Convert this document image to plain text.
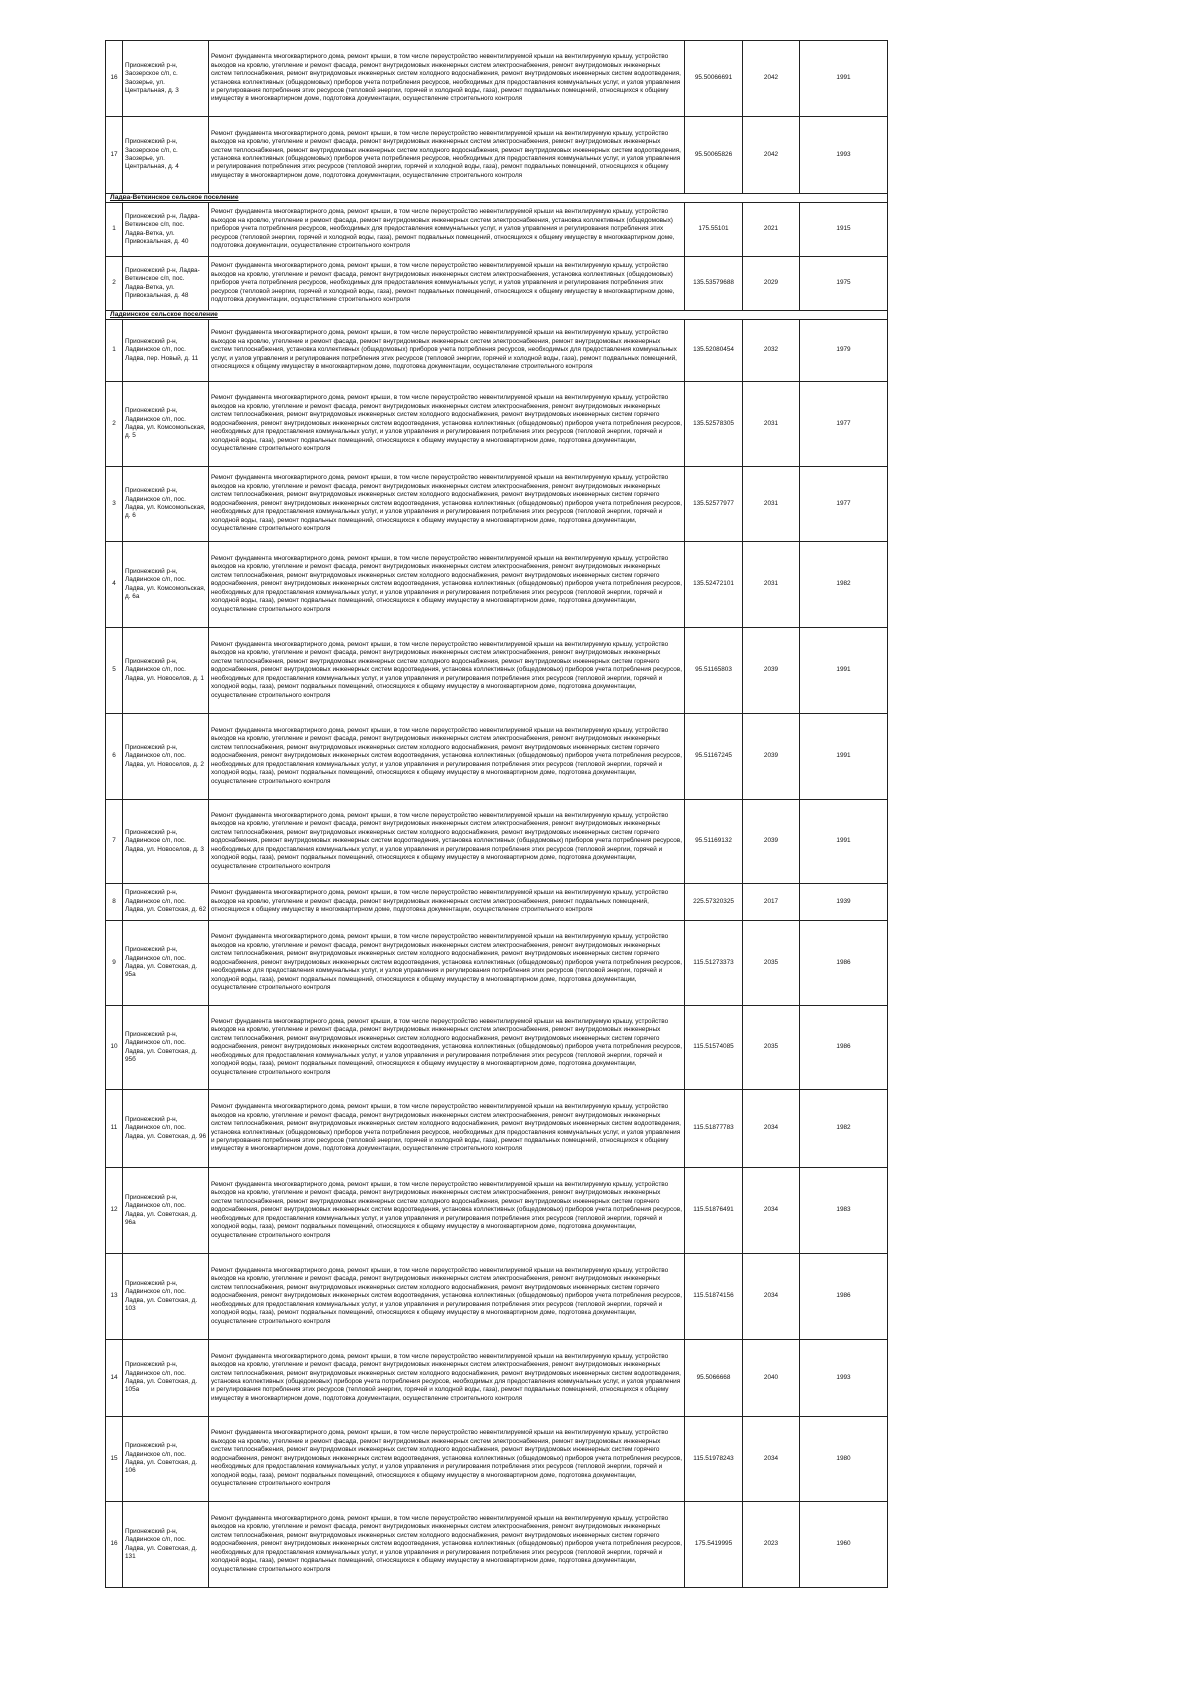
16	Прионежский р-н, Заозерское с/п, с. Заозерье, ул. Центральная, д. 3	Ремонт фундамента многоквартирного дома, ремонт крыши, в том числе переустройство невентилируемой крыши на вентилируемую крышу, устройство выходов на кровлю, утепление и ремонт фасада, ремонт внутридомовых инженерных систем электроснабжения, ремонт внутридомовых инженерных систем теплоснабжения, ремонт внутридомовых инженерных систем холодного водоснабжения, ремонт внутридомовых инженерных систем водоотведения, установка коллективных (общедомовых) приборов учета потребления ресурсов, необходимых для предоставления коммунальных услуг, и узлов управления и регулирования потребления этих ресурсов (тепловой энергии, горячей и холодной воды, газа), ремонт подвальных помещений, относящихся к общему имуществу в многоквартирном доме, подготовка документации, осуществление строительного контроля	95.50066691	2042	1991
17	Прионежский р-н, Заозерское с/п, с. Заозерье, ул. Центральная, д. 4	Ремонт фундамента многоквартирного дома, ремонт крыши, в том числе переустройство невентилируемой крыши на вентилируемую крышу, устройство выходов на кровлю, утепление и ремонт фасада, ремонт внутридомовых инженерных систем электроснабжения, ремонт внутридомовых инженерных систем теплоснабжения, ремонт внутридомовых инженерных систем холодного водоснабжения, ремонт внутридомовых инженерных систем водоотведения, установка коллективных (общедомовых) приборов учета потребления ресурсов, необходимых для предоставления коммунальных услуг, и узлов управления и регулирования потребления этих ресурсов (тепловой энергии, горячей и холодной воды, газа), ремонт подвальных помещений, относящихся к общему имуществу в многоквартирном доме, подготовка документации, осуществление строительного контроля	95.50065826	2042	1993
Ладва-Веткинское сельское поселение					
1	Прионежский р-н, Ладва-Веткинское с/п, пос. Ладва-Ветка, ул. Привокзальная, д. 40	Ремонт фундамента многоквартирного дома, ремонт крыши, в том числе переустройство невентилируемой крыши на вентилируемую крышу, устройство выходов на кровлю, утепление и ремонт фасада, ремонт внутридомовых инженерных систем электроснабжения, установка коллективных (общедомовых) приборов учета потребления ресурсов, необходимых для предоставления коммунальных услуг, и узлов управления и регулирования потребления этих ресурсов (тепловой энергии, горячей и холодной воды, газа), ремонт подвальных помещений, относящихся к общему имуществу в многоквартирном доме, подготовка документации, осуществление строительного контроля	175.55101	2021	1915
2	Прионежский р-н, Ладва-Веткинское с/п, пос. Ладва-Ветка, ул. Привокзальная, д. 48	Ремонт фундамента многоквартирного дома, ремонт крыши, в том числе переустройство невентилируемой крыши на вентилируемую крышу, устройство выходов на кровлю, утепление и ремонт фасада, ремонт внутридомовых инженерных систем электроснабжения, установка коллективных (общедомовых) приборов учета потребления ресурсов, необходимых для предоставления коммунальных услуг, и узлов управления и регулирования потребления этих ресурсов (тепловой энергии, горячей и холодной воды, газа), ремонт подвальных помещений, относящихся к общему имуществу в многоквартирном доме, подготовка документации, осуществление строительного контроля	135.53579688	2029	1975
Ладвинское сельское поселение					
1	Прионежский р-н, Ладвинское с/п, пос. Ладва, пер. Новый, д. 11	Ремонт фундамента многоквартирного дома, ремонт крыши, в том числе переустройство невентилируемой крыши на вентилируемую крышу, устройство выходов на кровлю, утепление и ремонт фасада, ремонт внутридомовых инженерных систем электроснабжения, ремонт внутридомовых инженерных систем теплоснабжения, установка коллективных (общедомовых) приборов учета потребления ресурсов, необходимых для предоставления коммунальных услуг, и узлов управления и регулирования потребления этих ресурсов (тепловой энергии, горячей и холодной воды, газа), ремонт подвальных помещений, относящихся к общему имуществу в многоквартирном доме, подготовка документации, осуществление строительного контроля	135.52080454	2032	1979
2	Прионежский р-н, Ладвинское с/п, пос. Ладва, ул. Комсомольская, д. 5	Ремонт фундамента многоквартирного дома, ремонт крыши, в том числе переустройство невентилируемой крыши на вентилируемую крышу, устройство выходов на кровлю, утепление и ремонт фасада, ремонт внутридомовых инженерных систем электроснабжения, ремонт внутридомовых инженерных систем теплоснабжения, ремонт внутридомовых инженерных систем холодного водоснабжения, ремонт внутридомовых инженерных систем горячего водоснабжения, ремонт внутридомовых инженерных систем водоотведения, установка коллективных (общедомовых) приборов учета потребления ресурсов, необходимых для предоставления коммунальных услуг, и узлов управления и регулирования потребления этих ресурсов (тепловой энергии, горячей и холодной воды, газа), ремонт подвальных помещений, относящихся к общему имуществу в многоквартирном доме, подготовка документации, осуществление строительного контроля	135.52578305	2031	1977
3	Прионежский р-н, Ладвинское с/п, пос. Ладва, ул. Комсомольская, д. 6	Ремонт фундамента многоквартирного дома, ремонт крыши, в том числе переустройство невентилируемой крыши на вентилируемую крышу, устройство выходов на кровлю, утепление и ремонт фасада, ремонт внутридомовых инженерных систем электроснабжения, ремонт внутридомовых инженерных систем теплоснабжения, ремонт внутридомовых инженерных систем холодного водоснабжения, ремонт внутридомовых инженерных систем горячего водоснабжения, ремонт внутридомовых инженерных систем водоотведения, установка коллективных (общедомовых) приборов учета потребления ресурсов, необходимых для предоставления коммунальных услуг, и узлов управления и регулирования потребления этих ресурсов (тепловой энергии, горячей и холодной воды, газа), ремонт подвальных помещений, относящихся к общему имуществу в многоквартирном доме, подготовка документации, осуществление строительного контроля	135.52577977	2031	1977
4	Прионежский р-н, Ладвинское с/п, пос. Ладва, ул. Комсомольская, д. 6а	Ремонт фундамента многоквартирного дома, ремонт крыши, в том числе переустройство невентилируемой крыши на вентилируемую крышу, устройство выходов на кровлю, утепление и ремонт фасада, ремонт внутридомовых инженерных систем электроснабжения, ремонт внутридомовых инженерных систем теплоснабжения, ремонт внутридомовых инженерных систем холодного водоснабжения, ремонт внутридомовых инженерных систем горячего водоснабжения, ремонт внутридомовых инженерных систем водоотведения, установка коллективных (общедомовых) приборов учета потребления ресурсов, необходимых для предоставления коммунальных услуг, и узлов управления и регулирования потребления этих ресурсов (тепловой энергии, горячей и холодной воды, газа), ремонт подвальных помещений, относящихся к общему имуществу в многоквартирном доме, подготовка документации, осуществление строительного контроля	135.52472101	2031	1982
5	Прионежский р-н, Ладвинское с/п, пос. Ладва, ул. Новоселов, д. 1	Ремонт фундамента многоквартирного дома, ремонт крыши, в том числе переустройство невентилируемой крыши на вентилируемую крышу, устройство выходов на кровлю, утепление и ремонт фасада, ремонт внутридомовых инженерных систем электроснабжения, ремонт внутридомовых инженерных систем теплоснабжения, ремонт внутридомовых инженерных систем холодного водоснабжения, ремонт внутридомовых инженерных систем горячего водоснабжения, ремонт внутридомовых инженерных систем водоотведения, установка коллективных (общедомовых) приборов учета потребления ресурсов, необходимых для предоставления коммунальных услуг, и узлов управления и регулирования потребления этих ресурсов (тепловой энергии, горячей и холодной воды, газа), ремонт подвальных помещений, относящихся к общему имуществу в многоквартирном доме, подготовка документации, осуществление строительного контроля	95.51165803	2039	1991
6	Прионежский р-н, Ладвинское с/п, пос. Ладва, ул. Новоселов, д. 2	Ремонт фундамента многоквартирного дома, ремонт крыши, в том числе переустройство невентилируемой крыши на вентилируемую крышу, устройство выходов на кровлю, утепление и ремонт фасада, ремонт внутридомовых инженерных систем электроснабжения, ремонт внутридомовых инженерных систем теплоснабжения, ремонт внутридомовых инженерных систем холодного водоснабжения, ремонт внутридомовых инженерных систем горячего водоснабжения, ремонт внутридомовых инженерных систем водоотведения, установка коллективных (общедомовых) приборов учета потребления ресурсов, необходимых для предоставления коммунальных услуг, и узлов управления и регулирования потребления этих ресурсов (тепловой энергии, горячей и холодной воды, газа), ремонт подвальных помещений, относящихся к общему имуществу в многоквартирном доме, подготовка документации, осуществление строительного контроля	95.51167245	2039	1991
7	Прионежский р-н, Ладвинское с/п, пос. Ладва, ул. Новоселов, д. 3	Ремонт фундамента многоквартирного дома, ремонт крыши, в том числе переустройство невентилируемой крыши на вентилируемую крышу, устройство выходов на кровлю, утепление и ремонт фасада, ремонт внутридомовых инженерных систем электроснабжения, ремонт внутридомовых инженерных систем теплоснабжения, ремонт внутридомовых инженерных систем холодного водоснабжения, ремонт внутридомовых инженерных систем горячего водоснабжения, ремонт внутридомовых инженерных систем водоотведения, установка коллективных (общедомовых) приборов учета потребления ресурсов, необходимых для предоставления коммунальных услуг, и узлов управления и регулирования потребления этих ресурсов (тепловой энергии, горячей и холодной воды, газа), ремонт подвальных помещений, относящихся к общему имуществу в многоквартирном доме, подготовка документации, осуществление строительного контроля	95.51169132	2039	1991
8	Прионежский р-н, Ладвинское с/п, пос. Ладва, ул. Советская, д. 62	Ремонт фундамента многоквартирного дома, ремонт крыши, в том числе переустройство невентилируемой крыши на вентилируемую крышу, устройство выходов на кровлю, утепление и ремонт фасада, ремонт внутридомовых инженерных систем электроснабжения, ремонт подвальных помещений, относящихся к общему имуществу в многоквартирном доме, подготовка документации, осуществление строительного контроля	225.57320325	2017	1939
9	Прионежский р-н, Ладвинское с/п, пос. Ладва, ул. Советская, д. 95а	Ремонт фундамента многоквартирного дома, ремонт крыши, в том числе переустройство невентилируемой крыши на вентилируемую крышу, устройство выходов на кровлю, утепление и ремонт фасада, ремонт внутридомовых инженерных систем электроснабжения, ремонт внутридомовых инженерных систем теплоснабжения, ремонт внутридомовых инженерных систем холодного водоснабжения, ремонт внутридомовых инженерных систем горячего водоснабжения, ремонт внутридомовых инженерных систем водоотведения, установка коллективных (общедомовых) приборов учета потребления ресурсов, необходимых для предоставления коммунальных услуг, и узлов управления и регулирования потребления этих ресурсов (тепловой энергии, горячей и холодной воды, газа), ремонт подвальных помещений, относящихся к общему имуществу в многоквартирном доме, подготовка документации, осуществление строительного контроля	115.51273373	2035	1986
10	Прионежский р-н, Ладвинское с/п, пос. Ладва, ул. Советская, д. 95б	Ремонт фундамента многоквартирного дома, ремонт крыши, в том числе переустройство невентилируемой крыши на вентилируемую крышу, устройство выходов на кровлю, утепление и ремонт фасада, ремонт внутридомовых инженерных систем электроснабжения, ремонт внутридомовых инженерных систем теплоснабжения, ремонт внутридомовых инженерных систем холодного водоснабжения, ремонт внутридомовых инженерных систем горячего водоснабжения, ремонт внутридомовых инженерных систем водоотведения, установка коллективных (общедомовых) приборов учета потребления ресурсов, необходимых для предоставления коммунальных услуг, и узлов управления и регулирования потребления этих ресурсов (тепловой энергии, горячей и холодной воды, газа), ремонт подвальных помещений, относящихся к общему имуществу в многоквартирном доме, подготовка документации, осуществление строительного контроля	115.51574085	2035	1986
11	Прионежский р-н, Ладвинское с/п, пос. Ладва, ул. Советская, д. 96	Ремонт фундамента многоквартирного дома, ремонт крыши, в том числе переустройство невентилируемой крыши на вентилируемую крышу, устройство выходов на кровлю, утепление и ремонт фасада, ремонт внутридомовых инженерных систем электроснабжения, ремонт внутридомовых инженерных систем теплоснабжения, ремонт внутридомовых инженерных систем холодного водоснабжения, ремонт внутридомовых инженерных систем водоотведения, установка коллективных (общедомовых) приборов учета потребления ресурсов, необходимых для предоставления коммунальных услуг, и узлов управления и регулирования потребления этих ресурсов (тепловой энергии, горячей и холодной воды, газа), ремонт подвальных помещений, относящихся к общему имуществу в многоквартирном доме, подготовка документации, осуществление строительного контроля	115.51877783	2034	1982
12	Прионежский р-н, Ладвинское с/п, пос. Ладва, ул. Советская, д. 96а	Ремонт фундамента многоквартирного дома, ремонт крыши, в том числе переустройство невентилируемой крыши на вентилируемую крышу, устройство выходов на кровлю, утепление и ремонт фасада, ремонт внутридомовых инженерных систем электроснабжения, ремонт внутридомовых инженерных систем теплоснабжения, ремонт внутридомовых инженерных систем холодного водоснабжения, ремонт внутридомовых инженерных систем горячего водоснабжения, ремонт внутридомовых инженерных систем водоотведения, установка коллективных (общедомовых) приборов учета потребления ресурсов, необходимых для предоставления коммунальных услуг, и узлов управления и регулирования потребления этих ресурсов (тепловой энергии, горячей и холодной воды, газа), ремонт подвальных помещений, относящихся к общему имуществу в многоквартирном доме, подготовка документации, осуществление строительного контроля	115.51876491	2034	1983
13	Прионежский р-н, Ладвинское с/п, пос. Ладва, ул. Советская, д. 103	Ремонт фундамента многоквартирного дома, ремонт крыши, в том числе переустройство невентилируемой крыши на вентилируемую крышу, устройство выходов на кровлю, утепление и ремонт фасада, ремонт внутридомовых инженерных систем электроснабжения, ремонт внутридомовых инженерных систем теплоснабжения, ремонт внутридомовых инженерных систем холодного водоснабжения, ремонт внутридомовых инженерных систем горячего водоснабжения, ремонт внутридомовых инженерных систем водоотведения, установка коллективных (общедомовых) приборов учета потребления ресурсов, необходимых для предоставления коммунальных услуг, и узлов управления и регулирования потребления этих ресурсов (тепловой энергии, горячей и холодной воды, газа), ремонт подвальных помещений, относящихся к общему имуществу в многоквартирном доме, подготовка документации, осуществление строительного контроля	115.51874156	2034	1986
14	Прионежский р-н, Ладвинское с/п, пос. Ладва, ул. Советская, д. 105а	Ремонт фундамента многоквартирного дома, ремонт крыши, в том числе переустройство невентилируемой крыши на вентилируемую крышу, устройство выходов на кровлю, утепление и ремонт фасада, ремонт внутридомовых инженерных систем электроснабжения, ремонт внутридомовых инженерных систем теплоснабжения, ремонт внутридомовых инженерных систем холодного водоснабжения, ремонт внутридомовых инженерных систем водоотведения, установка коллективных (общедомовых) приборов учета потребления ресурсов, необходимых для предоставления коммунальных услуг, и узлов управления и регулирования потребления этих ресурсов (тепловой энергии, горячей и холодной воды, газа), ремонт подвальных помещений, относящихся к общему имуществу в многоквартирном доме, подготовка документации, осуществление строительного контроля	95.5066668	2040	1993
15	Прионежский р-н, Ладвинское с/п, пос. Ладва, ул. Советская, д. 106	Ремонт фундамента многоквартирного дома, ремонт крыши, в том числе переустройство невентилируемой крыши на вентилируемую крышу, устройство выходов на кровлю, утепление и ремонт фасада, ремонт внутридомовых инженерных систем электроснабжения, ремонт внутридомовых инженерных систем теплоснабжения, ремонт внутридомовых инженерных систем холодного водоснабжения, ремонт внутридомовых инженерных систем горячего водоснабжения, ремонт внутридомовых инженерных систем водоотведения, установка коллективных (общедомовых) приборов учета потребления ресурсов, необходимых для предоставления коммунальных услуг, и узлов управления и регулирования потребления этих ресурсов (тепловой энергии, горячей и холодной воды, газа), ремонт подвальных помещений, относящихся к общему имуществу в многоквартирном доме, подготовка документации, осуществление строительного контроля	115.51978243	2034	1980
16	Прионежский р-н, Ладвинское с/п, пос. Ладва, ул. Советская, д. 131	Ремонт фундамента многоквартирного дома, ремонт крыши, в том числе переустройство невентилируемой крыши на вентилируемую крышу, устройство выходов на кровлю, утепление и ремонт фасада, ремонт внутридомовых инженерных систем электроснабжения, ремонт внутридомовых инженерных систем теплоснабжения, ремонт внутридомовых инженерных систем холодного водоснабжения, ремонт внутридомовых инженерных систем горячего водоснабжения, ремонт внутридомовых инженерных систем водоотведения, установка коллективных (общедомовых) приборов учета потребления ресурсов, необходимых для предоставления коммунальных услуг, и узлов управления и регулирования потребления этих ресурсов (тепловой энергии, горячей и холодной воды, газа), ремонт подвальных помещений, относящихся к общему имуществу в многоквартирном доме, подготовка документации, осуществление строительного контроля	175.5419995	2023	1960
